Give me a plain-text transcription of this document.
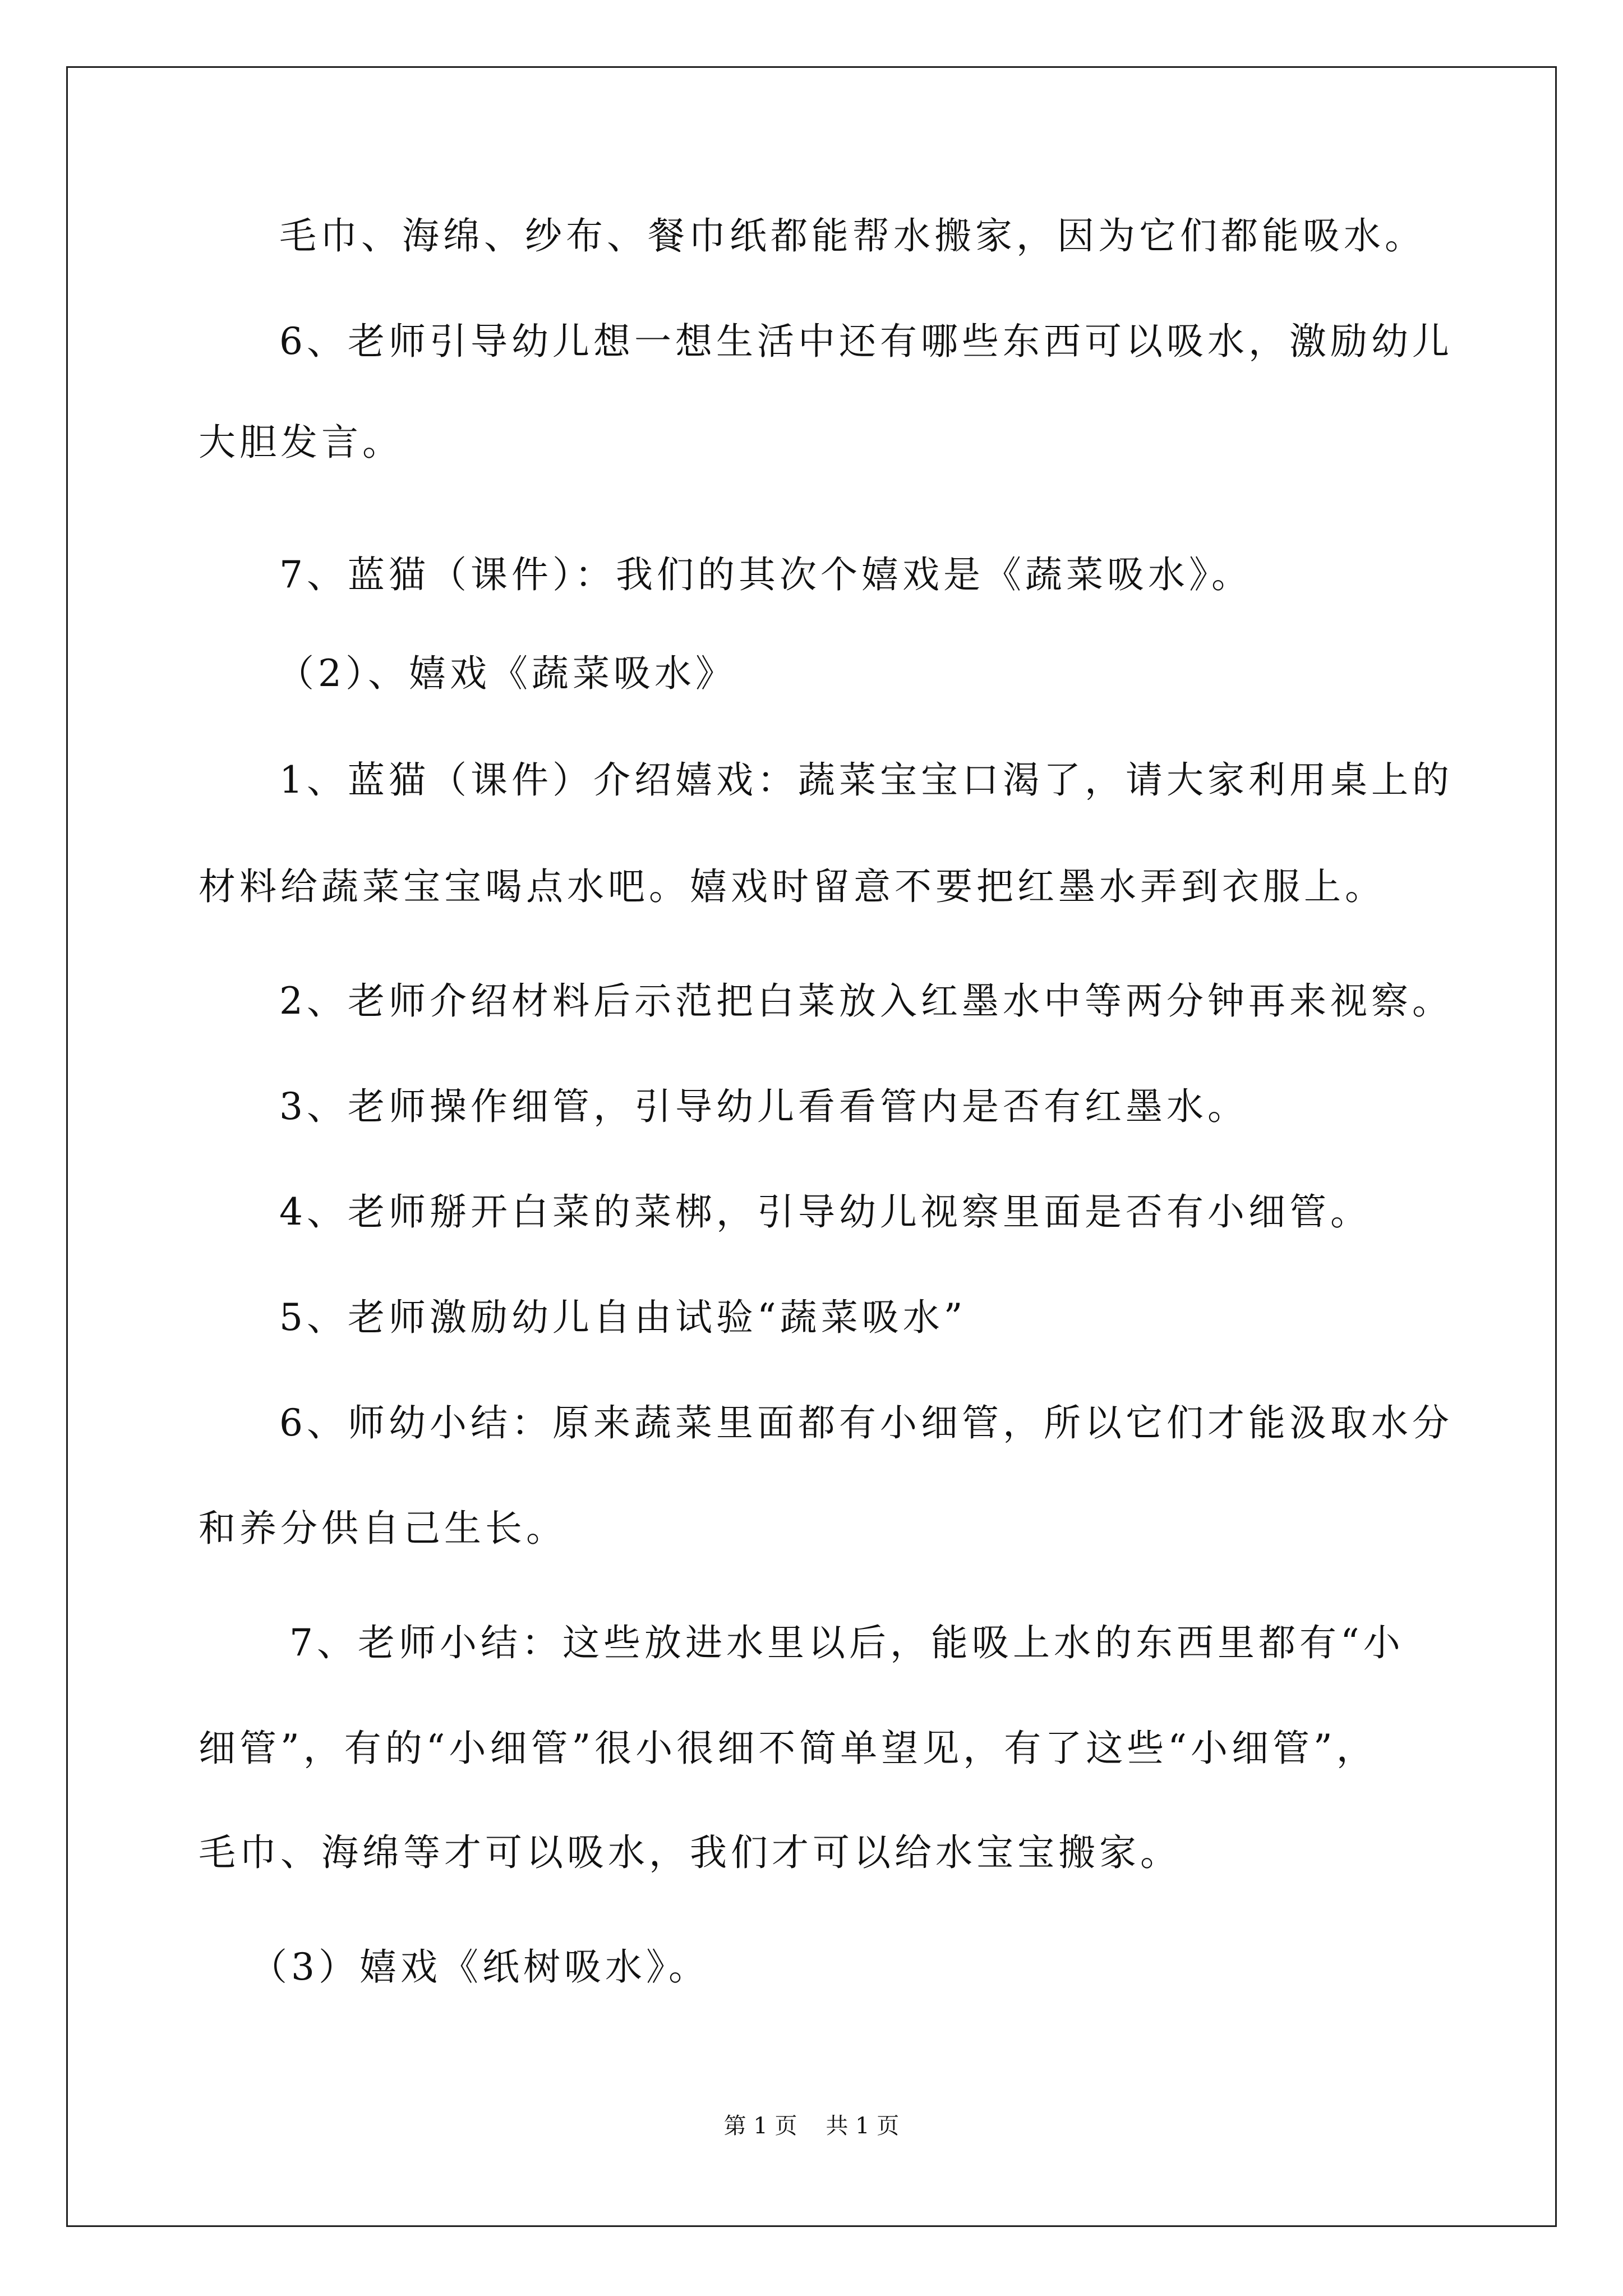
毛巾、海绵、纱布、餐巾纸都能帮水搬家，因为它们都能吸水。
6、老师引导幼儿想一想生活中还有哪些东西可以吸水，激励幼儿
大胆发言。
7、蓝猫（课件）：我们的其次个嬉戏是《蔬菜吸水》。
（2）、嬉戏《蔬菜吸水》
1、蓝猫（课件）介绍嬉戏：蔬菜宝宝口渴了，请大家利用桌上的
材料给蔬菜宝宝喝点水吧。嬉戏时留意不要把红墨水弄到衣服上。
2、老师介绍材料后示范把白菜放入红墨水中等两分钟再来视察。
3、老师操作细管，引导幼儿看看管内是否有红墨水。
4、老师掰开白菜的菜梆，引导幼儿视察里面是否有小细管。
5、老师激励幼儿自由试验“蔬菜吸水”
6、师幼小结：原来蔬菜里面都有小细管，所以它们才能汲取水分
和养分供自己生长。
7、老师小结：这些放进水里以后，能吸上水的东西里都有“小
细管”，有的“小细管”很小很细不简单望见，有了这些“小细管”，
毛巾、海绵等才可以吸水，我们才可以给水宝宝搬家。
（3）嬉戏《纸树吸水》。
第 1 页 共 1 页
